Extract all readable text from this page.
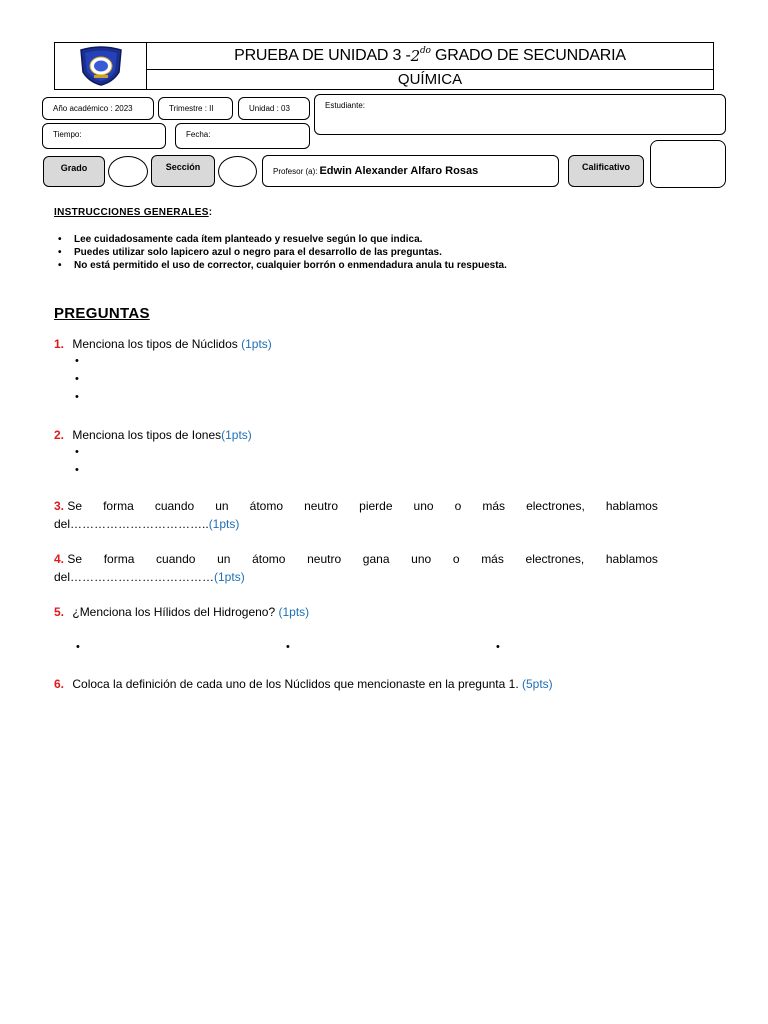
PRUEBA DE UNIDAD $3 - 2^{do}$ GRADO DE SECUNDARIA
QUÍMICA
Año académico : 2023	Trimestre : II	Unidad : 03	Estudiante:
Tiempo:	Fecha:
Grado	Sección	Profesor (a): Edwin Alexander Alfaro Rosas	Calificativo
INSTRUCCIONES GENERALES:
•	Lee cuidadosamente cada ítem planteado y resuelve según lo que indica.
•	Puedes utilizar solo lapicero azul o negro para el desarrollo de las preguntas.
•	No está permitido el uso de corrector, cualquier borrón o enmendadura anula tu respuesta.
PREGUNTAS
1. Menciona los tipos de Núclidos (1pts)
•
•
•
2. Menciona los tipos de Iones(1pts)
•
•
3. Se forma cuando un átomo neutro pierde uno o más electrones, hablamos
del……………………………..(1pts)
4. Se forma cuando un átomo neutro gana uno o más electrones, hablamos
del………………………………(1pts)
5. ¿Menciona los Hílidos del Hidrogeno? (1pts)
•	•	•
6. Coloca la definición de cada uno de los Núclidos que mencionaste en la pregunta 1. (5pts)
